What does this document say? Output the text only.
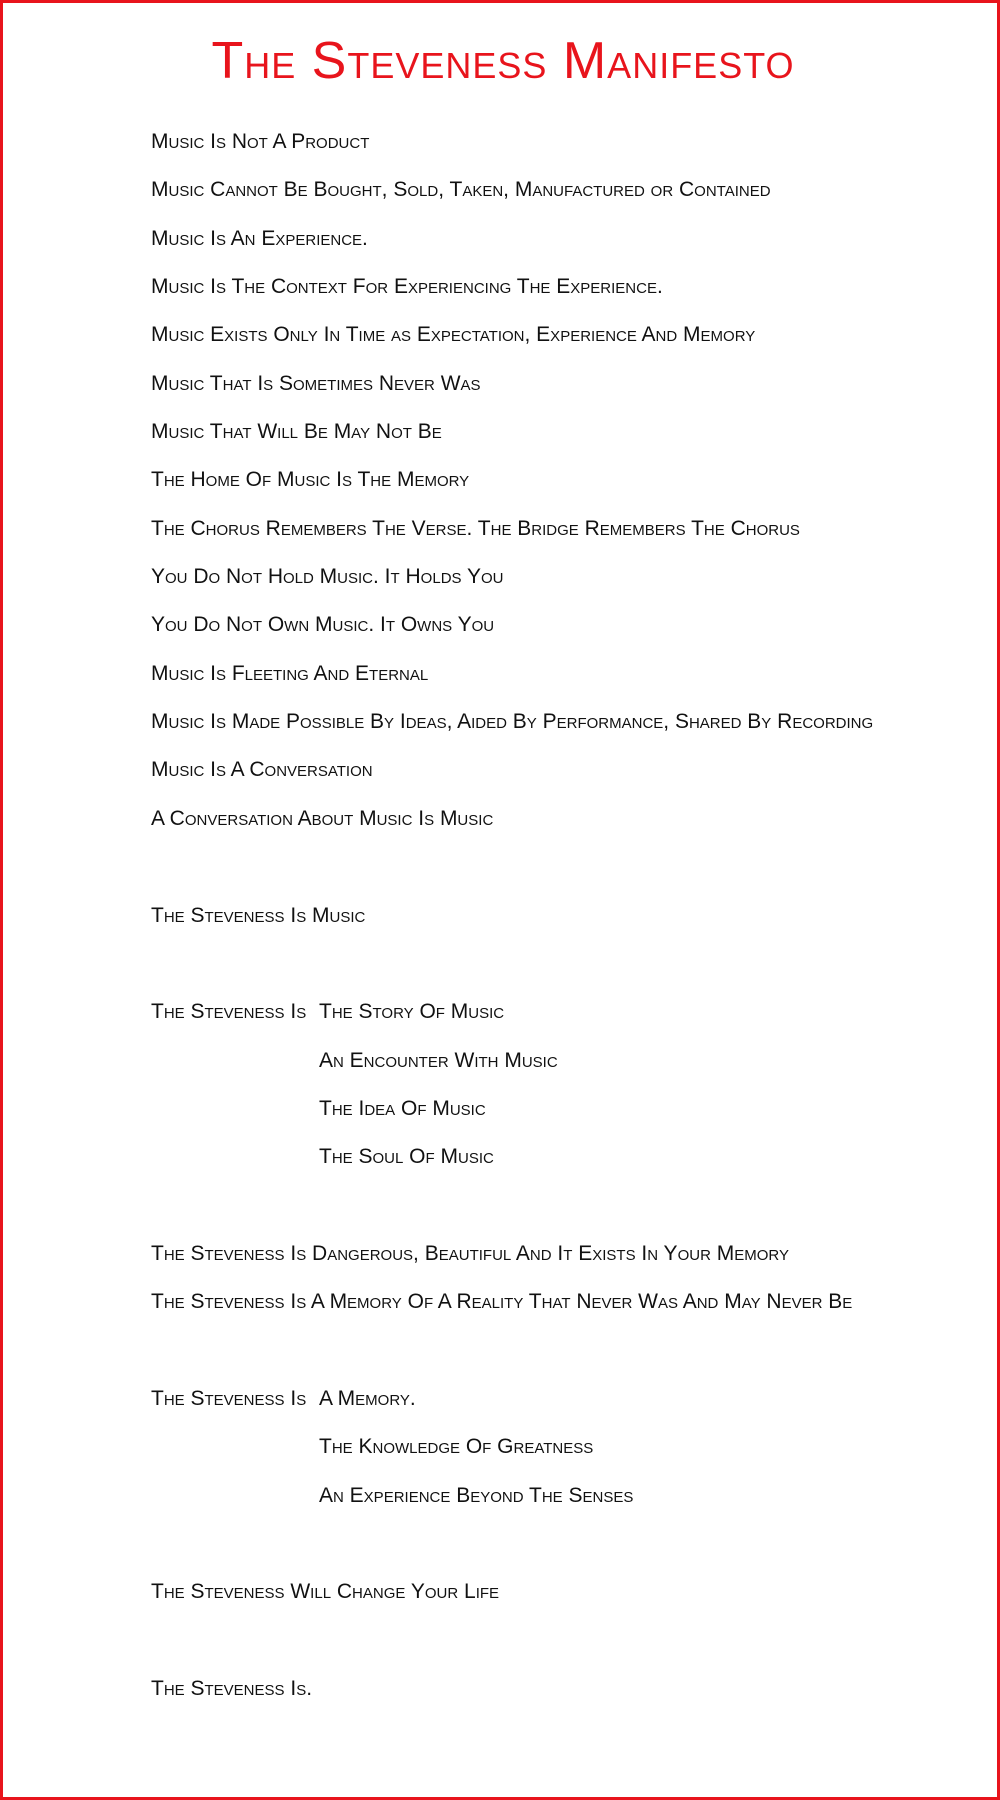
The Steveness Manifesto
Music Is Not A Product
Music Cannot Be Bought, Sold, Taken, Manufactured or Contained
Music Is An Experience.
Music Is The Context For Experiencing The Experience.
Music Exists Only In Time as Expectation, Experience And Memory
Music That Is Sometimes Never Was
Music That Will Be May Not Be
The Home Of Music Is The Memory
The Chorus Remembers The Verse. The Bridge Remembers The Chorus
You Do Not Hold Music. It Holds You
You Do Not Own Music. It Owns You
Music Is Fleeting And Eternal
Music Is Made Possible By Ideas, Aided By Performance, Shared By Recording
Music Is A Conversation
A Conversation About Music Is Music
The Steveness Is Music
The Steveness Is The Story Of Music
An Encounter With Music
The Idea Of Music
The Soul Of Music
The Steveness Is Dangerous, Beautiful And It Exists In Your Memory
The Steveness Is A Memory Of A Reality That Never Was And May Never Be
The Steveness Is A Memory.
The Knowledge Of Greatness
An Experience Beyond The Senses
The Steveness Will Change Your Life
The Steveness Is.
